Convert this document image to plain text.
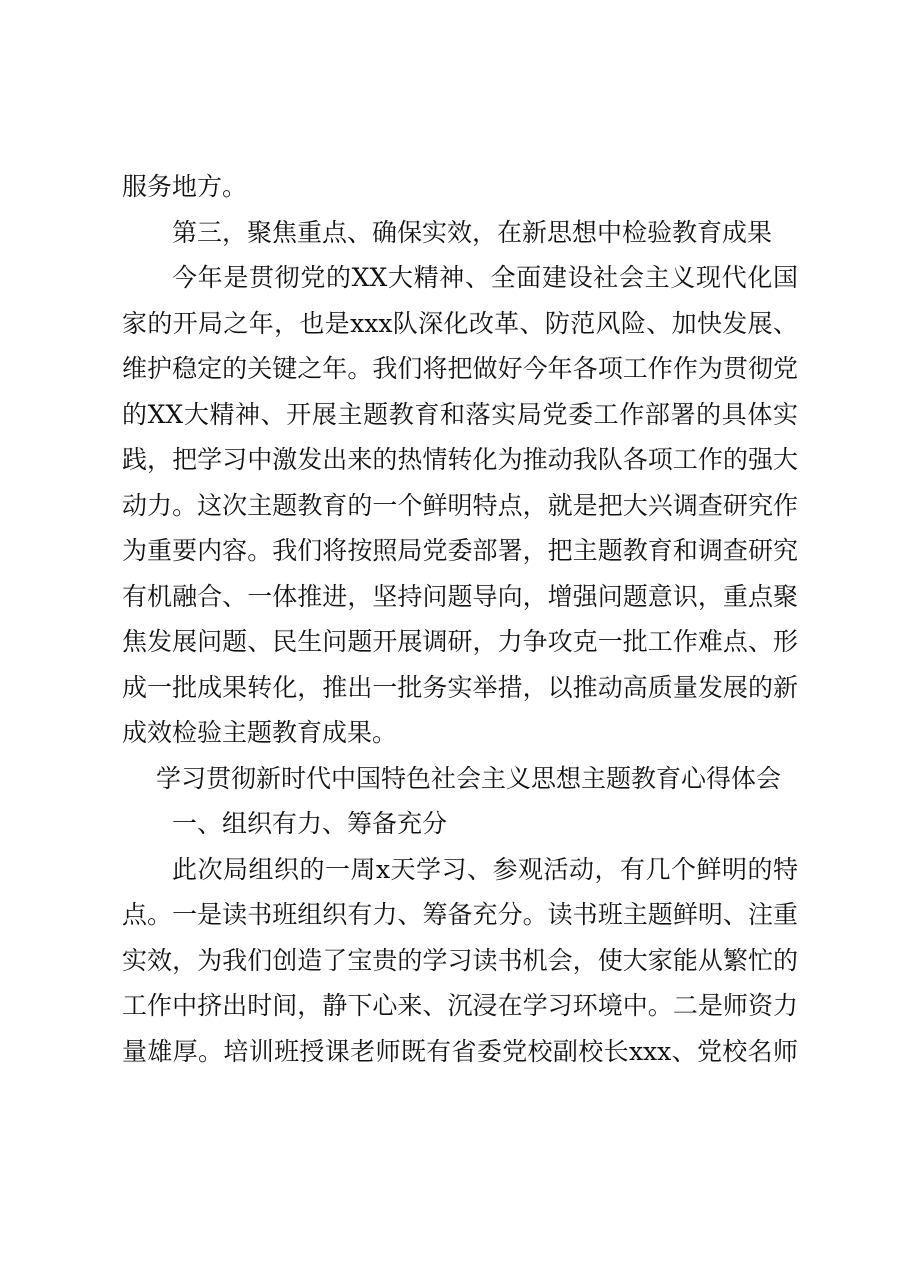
服务地方。
第三，聚焦重点、确保实效，在新思想中检验教育成果
今年是贯彻党的XX大精神、全面建设社会主义现代化国
家的开局之年，也是xxx队深化改革、防范风险、加快发展、
维护稳定的关键之年。我们将把做好今年各项工作作为贯彻党
的XX大精神、开展主题教育和落实局党委工作部署的具体实
践，把学习中激发出来的热情转化为推动我队各项工作的强大
动力。这次主题教育的一个鲜明特点，就是把大兴调查研究作
为重要内容。我们将按照局党委部署，把主题教育和调查研究
有机融合、一体推进，坚持问题导向，增强问题意识，重点聚
焦发展问题、民生问题开展调研，力争攻克一批工作难点、形
成一批成果转化，推出一批务实举措，以推动高质量发展的新
成效检验主题教育成果。
学习贯彻新时代中国特色社会主义思想主题教育心得体会
一、组织有力、筹备充分
此次局组织的一周x天学习、参观活动，有几个鲜明的特
点。一是读书班组织有力、筹备充分。读书班主题鲜明、注重
实效，为我们创造了宝贵的学习读书机会，使大家能从繁忙的
工作中挤出时间，静下心来、沉浸在学习环境中。二是师资力
量雄厚。培训班授课老师既有省委党校副校长xxx、党校名师
